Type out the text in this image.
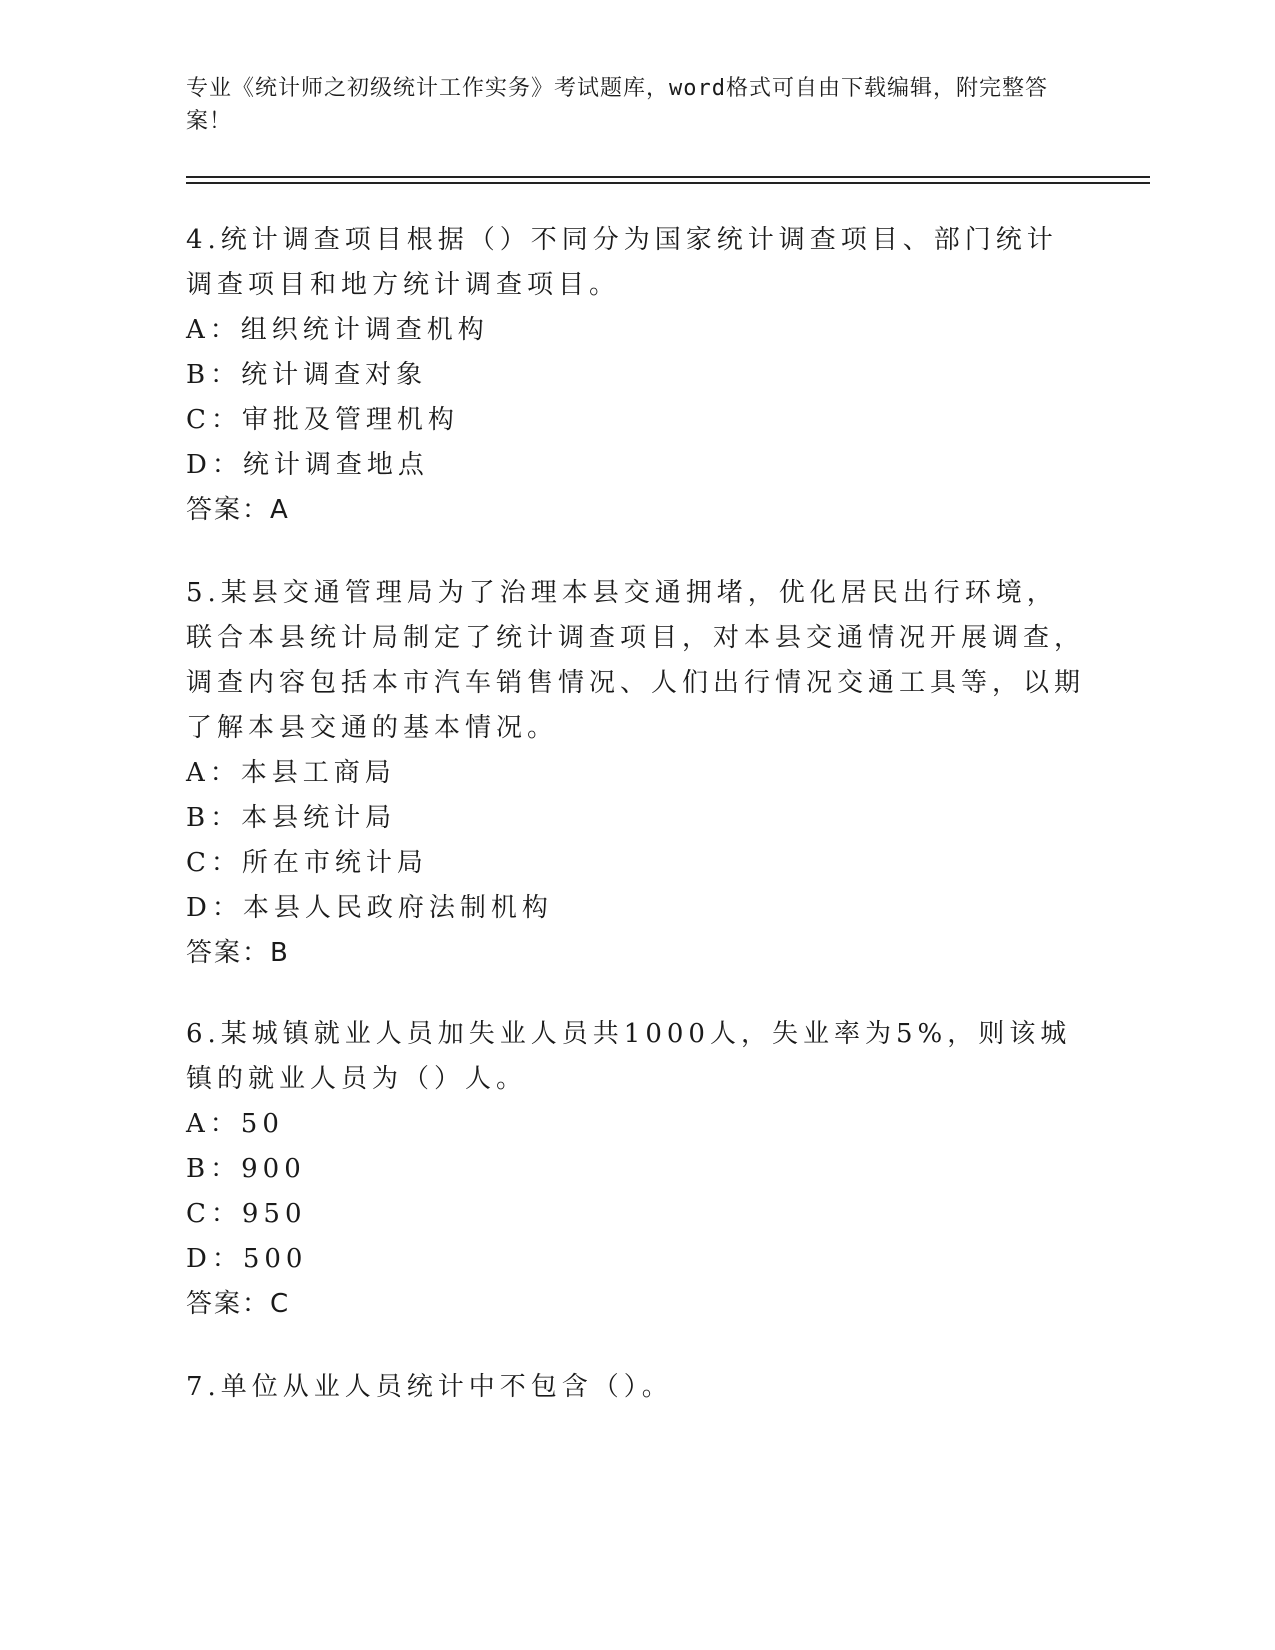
专业《统计师之初级统计工作实务》考试题库，word格式可自由下载编辑，附完整答案！
4.统计调查项目根据（）不同分为国家统计调查项目、部门统计调查项目和地方统计调查项目。
A：组织统计调查机构
B：统计调查对象
C：审批及管理机构
D：统计调查地点
答案：A
5.某县交通管理局为了治理本县交通拥堵，优化居民出行环境，联合本县统计局制定了统计调查项目，对本县交通情况开展调查，调查内容包括本市汽车销售情况、人们出行情况交通工具等，以期了解本县交通的基本情况。
A：本县工商局
B：本县统计局
C：所在市统计局
D：本县人民政府法制机构
答案：B
6.某城镇就业人员加失业人员共1000人，失业率为5%，则该城镇的就业人员为（）人。
A：50
B：900
C：950
D：500
答案：C
7.单位从业人员统计中不包含（）。
